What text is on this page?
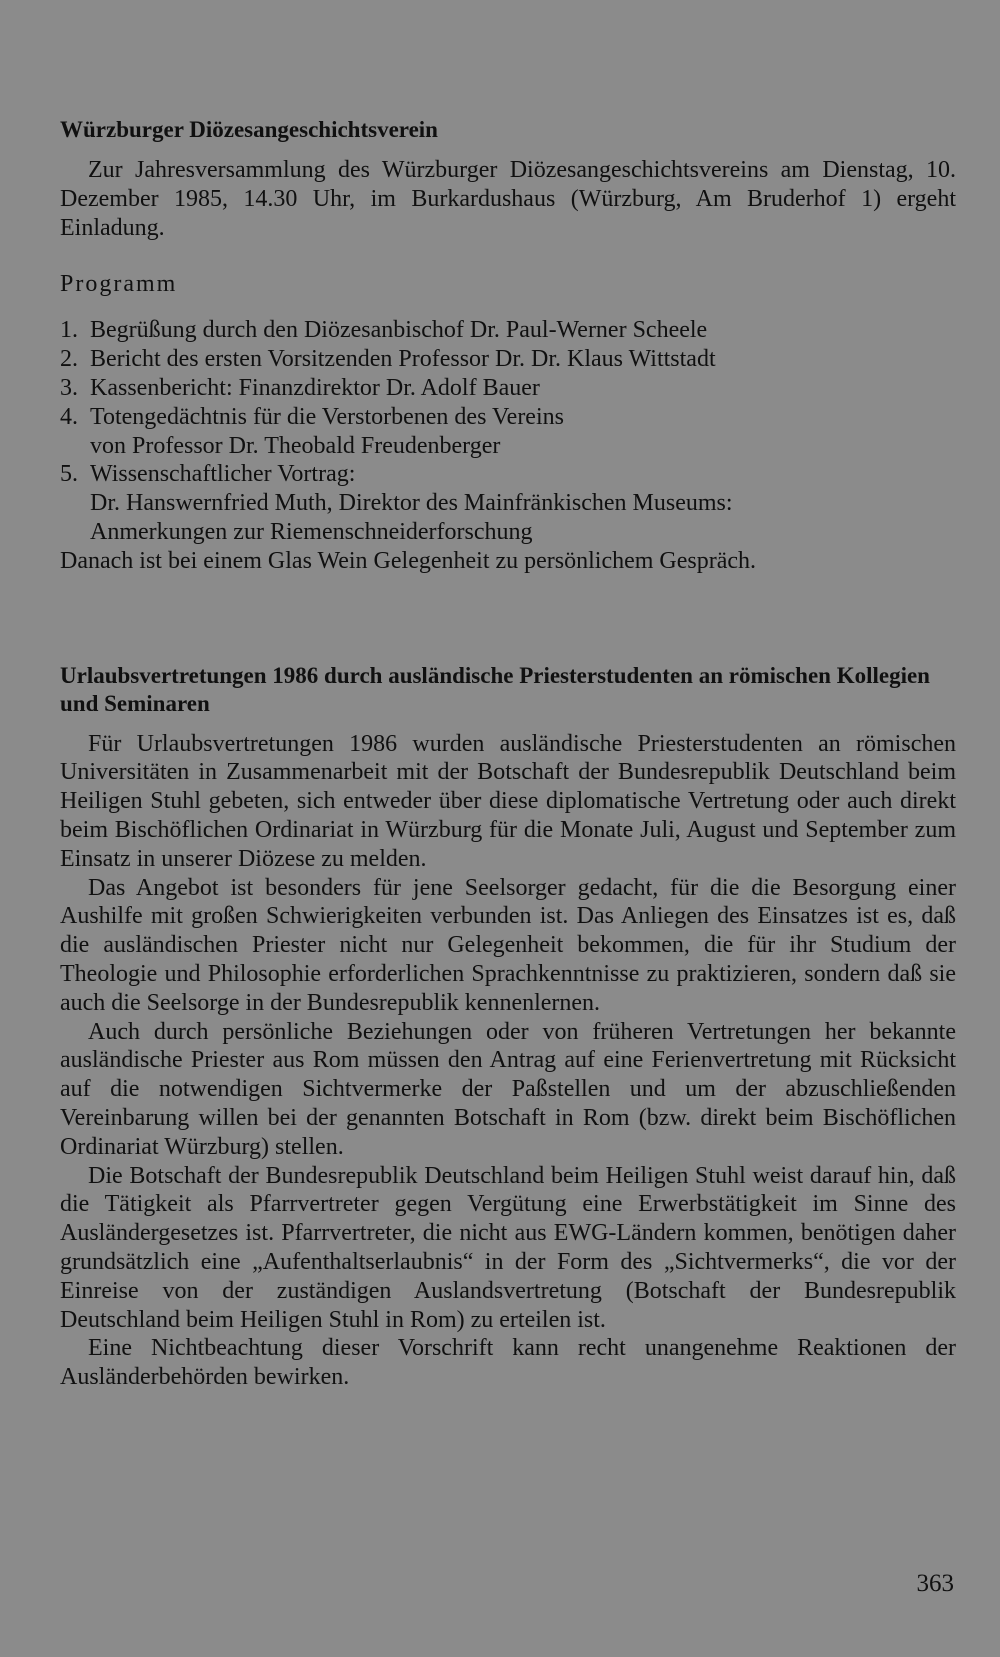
Würzburger Diözesangeschichtsverein

Zur Jahresversammlung des Würzburger Diözesangeschichtsvereins am Dienstag, 10. Dezember 1985, 14.30 Uhr, im Burkardushaus (Würzburg, Am Bruderhof 1) ergeht Einladung.

Programm
1. Begrüßung durch den Diözesanbischof Dr. Paul-Werner Scheele
2. Bericht des ersten Vorsitzenden Professor Dr. Dr. Klaus Wittstadt
3. Kassenbericht: Finanzdirektor Dr. Adolf Bauer
4. Totengedächtnis für die Verstorbenen des Vereins
von Professor Dr. Theobald Freudenberger
5. Wissenschaftlicher Vortrag:
Dr. Hanswernfried Muth, Direktor des Mainfränkischen Museums:
Anmerkungen zur Riemenschneiderforschung

Danach ist bei einem Glas Wein Gelegenheit zu persönlichem Gespräch.

Urlaubsvertretungen 1986 durch ausländische Priesterstudenten an römischen Kollegien und Seminaren

Für Urlaubsvertretungen 1986 wurden ausländische Priesterstudenten an römischen Universitäten in Zusammenarbeit mit der Botschaft der Bundesrepublik Deutschland beim Heiligen Stuhl gebeten, sich entweder über diese diplomatische Vertretung oder auch direkt beim Bischöflichen Ordinariat in Würzburg für die Monate Juli, August und September zum Einsatz in unserer Diözese zu melden.

Das Angebot ist besonders für jene Seelsorger gedacht, für die die Besorgung einer Aushilfe mit großen Schwierigkeiten verbunden ist. Das Anliegen des Einsatzes ist es, daß die ausländischen Priester nicht nur Gelegenheit bekommen, die für ihr Studium der Theologie und Philosophie erforderlichen Sprachkenntnisse zu praktizieren, sondern daß sie auch die Seelsorge in der Bundesrepublik kennenlernen.

Auch durch persönliche Beziehungen oder von früheren Vertretungen her bekannte ausländische Priester aus Rom müssen den Antrag auf eine Ferienvertretung mit Rücksicht auf die notwendigen Sichtvermerke der Paßstellen und um der abzuschließenden Vereinbarung willen bei der genannten Botschaft in Rom (bzw. direkt beim Bischöflichen Ordinariat Würzburg) stellen.

Die Botschaft der Bundesrepublik Deutschland beim Heiligen Stuhl weist darauf hin, daß die Tätigkeit als Pfarrvertreter gegen Vergütung eine Erwerbstätigkeit im Sinne des Ausländergesetzes ist. Pfarrvertreter, die nicht aus EWG-Ländern kommen, benötigen daher grundsätzlich eine „Aufenthaltserlaubnis“ in der Form des „Sichtvermerks“, die vor der Einreise von der zuständigen Auslandsvertretung (Botschaft der Bundesrepublik Deutschland beim Heiligen Stuhl in Rom) zu erteilen ist.

Eine Nichtbeachtung dieser Vorschrift kann recht unangenehme Reaktionen der Ausländerbehörden bewirken.

363
